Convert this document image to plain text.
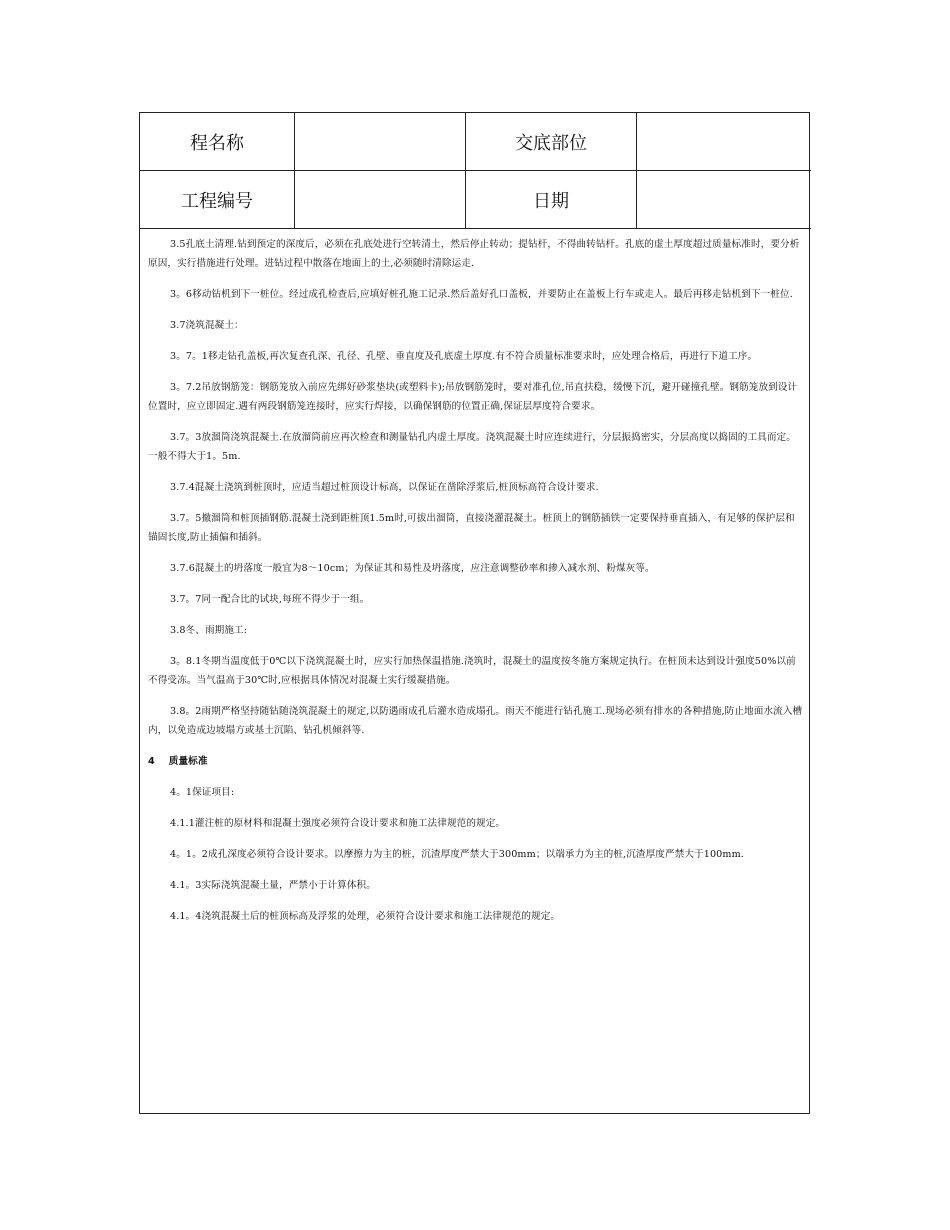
程名称	交底部位
工程编号	日期

3.5孔底土清理.钻到预定的深度后，必须在孔底处进行空转清土，然后停止转动；提钻杆，不得曲转钻杆。孔底的虚土厚度超过质量标准时，要分析原因，实行措施进行处理。进钻过程中散落在地面上的土,必须随时清除运走.

3。6移动钻机到下一桩位。经过成孔检查后,应填好桩孔施工记录.然后盖好孔口盖板，并要防止在盖板上行车或走人。最后再移走钻机到下一桩位.

3.7浇筑混凝土：

3。7。1移走钻孔盖板,再次复查孔深、孔径、孔壁、垂直度及孔底虚土厚度.有不符合质量标准要求时，应处理合格后，再进行下道工序。

3。7.2吊放钢筋笼：钢筋笼放入前应先绑好砂浆垫块(或塑料卡);吊放钢筋笼时，要对准孔位,吊直扶稳，缓慢下沉，避开碰撞孔壁。钢筋笼放到设计位置时，应立即固定.遇有两段钢筋笼连接时，应实行焊接，以确保钢筋的位置正确,保证层厚度符合要求。

3.7。3放溜筒浇筑混凝土.在放溜筒前应再次检查和测量钻孔内虚土厚度。浇筑混凝土时应连续进行，分层振捣密实，分层高度以捣固的工具而定。一般不得大于1。5m.

3.7.4混凝土浇筑到桩顶时，应适当超过桩顶设计标高，以保证在凿除浮浆后,桩顶标高符合设计要求.

3.7。5撤溜筒和桩顶插钢筋.混凝土浇到距桩顶1.5m时,可拔出溜筒，直接浇灌混凝土。桩顶上的钢筋插铁一定要保持垂直插入，有足够的保护层和锚固长度,防止插偏和插斜。

3.7.6混凝土的坍落度一般宜为8～10cm；为保证其和易性及坍落度，应注意调整砂率和掺入减水剂、粉煤灰等。

3.7。7同一配合比的试块,每班不得少于一组。

3.8冬、雨期施工:

3。8.1冬期当温度低于0℃以下浇筑混凝土时，应实行加热保温措施.浇筑时，混凝土的温度按冬施方案规定执行。在桩顶未达到设计强度50%以前不得受冻。当气温高于30℃时,应根据具体情况对混凝土实行缓凝措施。

3.8。2雨期严格坚持随钻随浇筑混凝土的规定,以防遇雨成孔后灌水造成塌孔。雨天不能进行钻孔施工.现场必须有排水的各种措施,防止地面水流入槽内，以免造成边坡塌方或基土沉陷、钻孔机倾斜等.

4 质量标准

4。1保证项目:

4.1.1灌注桩的原材料和混凝土强度必须符合设计要求和施工法律规范的规定。

4。1。2成孔深度必须符合设计要求。以摩擦力为主的桩，沉渣厚度严禁大于300mm；以端承力为主的桩,沉渣厚度严禁大于100mm.

4.1。3实际浇筑混凝土量，严禁小于计算体积。

4.1。4浇筑混凝土后的桩顶标高及浮浆的处理，必须符合设计要求和施工法律规范的规定。
